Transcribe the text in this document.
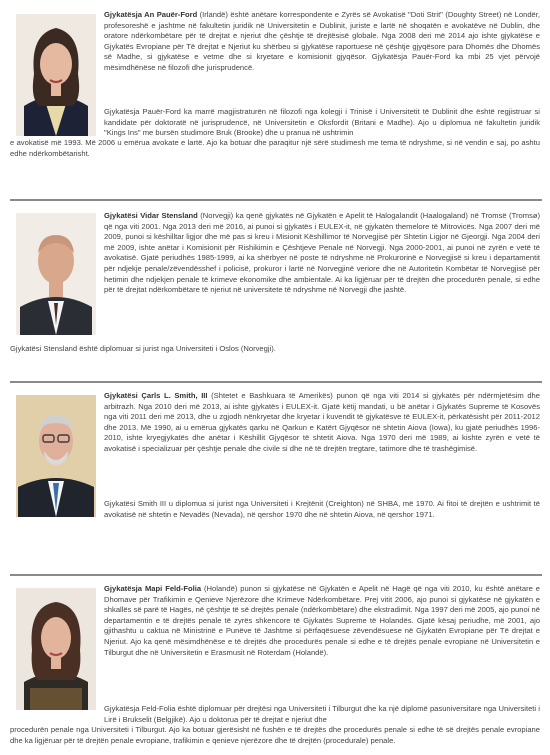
Gjykatësja An Pauër-Ford (Irlandë) është anëtare korrespondente e Zyrës së Avokatisë "Doti Strit" (Doughty Street) në Londër, profesoreshë e jashtme në fakultetin juridik në Universitetin e Dublinit, juriste e lartë në shoqatën e avokatëve në Dublin, dhe oratore ndërkombëtare për të drejtat e njeriut dhe çështje të drejtësisë globale. Nga 2008 deri më 2014 ajo ishte gjykatëse e Gjykatës Evropiane për Të drejtat e Njeriut ku shërbeu si gjykatëse raportuese në çështje gjyqësore para Dhomës dhe Dhomës së Madhe, si gjykatëse e vetme dhe si kryetare e komisionit gjyqësor. Gjykatësja Pauër-Ford ka mbi 25 vjet përvojë mësimdhënëse në filozofi dhe jurisprudencë.

Gjykatësja Pauër-Ford ka marrë magjistraturën në filozofi nga kolegji i Trinisë i Universitetit të Dublinit dhe është regjistruar si kandidate për doktoratë në jurisprudencë, në Universitetin e Oksfordit (Britani e Madhe). Ajo u diplomua në fakultetin juridik "Kings Ins" me bursën studimore Bruk (Brooke) dhe u pranua në ushtrimin

e avokatisë më 1993. Më 2006 u emërua avokate e lartë. Ajo ka botuar dhe paraqitur një sërë studimesh me tema të ndryshme, si në vendin e saj, po ashtu edhe ndërkombëtarisht.

Gjykatësi Vidar Stensland (Norvegji) ka qenë gjykatës në Gjykatën e Apelit të Halogalandit (Haalogaland) në Tromsë (Tromsø) që nga viti 2001. Nga 2013 deri më 2016, ai punoi si gjykatës i EULEX-it, në gjykatën themelore të Mitrovicës. Nga 2007 deri më 2009, punoi si këshilltar ligjor dhe më pas si kreu i Misionit Këshillimor të Norvegjisë për Shtetin Ligjor në Gjeorgji. Nga 2004 deri më 2009, ishte anëtar i Komisionit për Rishikimin e Çështjeve Penale në Norvegji. Nga 2000-2001, ai punoi në zyrën e vetë të avokatisë. Gjatë periudhës 1985-1999, ai ka shërbyer në poste të ndryshme në Prokurorinë e Norvegjisë si kreu i departamentit për ndjekje penale/zëvendësshef i policisë, prokuror i lartë në Norvegjinë veriore dhe në Autoritetin Kombëtar të Norvegjisë për hetimin dhe ndjekjen penale të krimeve ekonomike dhe ambientale. Ai ka ligjëruar për të drejtën dhe procedurën penale, si edhe për të drejtat ndërkombëtare të njeriut në universitete të ndryshme në Norvegji dhe jashtë.

Gjykatësi Stensland është diplomuar si jurist nga Universiteti i Oslos (Norvegji).

Gjykatësi Çarls L. Smith, III (Shtetet e Bashkuara të Amerikës) punon që nga viti 2014 si gjykatës për ndërmjetësim dhe arbitrazh. Nga 2010 deri më 2013, ai ishte gjykatës i EULEX-it. Gjatë këtij mandati, u bë anëtar i Gjykatës Supreme të Kosovës nga viti 2011 deri më 2013, dhe u zgjodh nënkryetar dhe kryetar i kuvendit të gjykatësve të EULEX-it, përkatësisht për 2011-2012 dhe 2013. Më 1990, ai u emërua gjykatës qarku në Qarkun e Katërt Gjyqësor në shtetin Aiova (Iowa), ku gjatë periudhës 1996-2010, ishte kryegjykatës dhe anëtar i Këshillit Gjyqësor të shtetit Aiova. Nga 1970 deri më 1989, ai kishte zyrën e vetë të avokatisë i specializuar për çështje penale dhe civile si dhe në të drejtën tregtare, tatimore dhe të trashëgimisë.

Gjykatësi Smith III u diplomua si jurist nga Universiteti i Krejtënit (Creighton) në SHBA, më 1970. Ai fitoi të drejtën e ushtrimit të avokatisë në shtetin e Nevadës (Nevada), në qershor 1970 dhe në shtetin Aiova, në qershor 1971.

Gjykatësja Mapi Feld-Folia (Holandë) punon si gjykatëse në Gjykatën e Apelit në Hagë që nga viti 2010, ku është anëtare e Dhomave për Trafikimin e Qenieve Njerëzore dhe Krimeve Ndërkombëtare. Prej vitit 2006, ajo punoi si gjykatëse në gjykatën e shkallës së parë të Hagës, në çështje të së drejtës penale (ndërkombëtare) dhe ekstradimit. Nga 1997 deri më 2005, ajo punoi në departamentin e të drejtës penale të zyrës shkencore të Gjykatës Supreme të Holandës. Gjatë kësaj periudhe, më 2001, ajo gjithashtu u caktua në Ministrinë e Punëve të Jashtme si përfaqësuese zëvendësuese në Gjykatën Evropiane për Të drejtat e Njeriut. Ajo ka qenë mësimdhënëse e të drejtës dhe procedurës penale si edhe e të drejtës penale evropiane në Universitetin e Tilburgut dhe në Universitetin e Erasmusit në Roterdam (Holandë).

Gjykatësja Feld-Folia është diplomuar për drejtësi nga Universiteti i Tilburgut dhe ka një diplomë pasuniversitare nga Universiteti i Lirë i Brukselit (Belgjikë). Ajo u doktorua për të drejtat e njeriut dhe

procedurën penale nga Universiteti i Tilburgut. Ajo ka botuar gjerësisht në fushën e të drejtës dhe procedurës penale si edhe të së drejtës penale evropiane dhe ka ligjëruar për të drejtën penale evropiane, trafikimin e qenieve njerëzore dhe të drejtën (procedurale) penale.
